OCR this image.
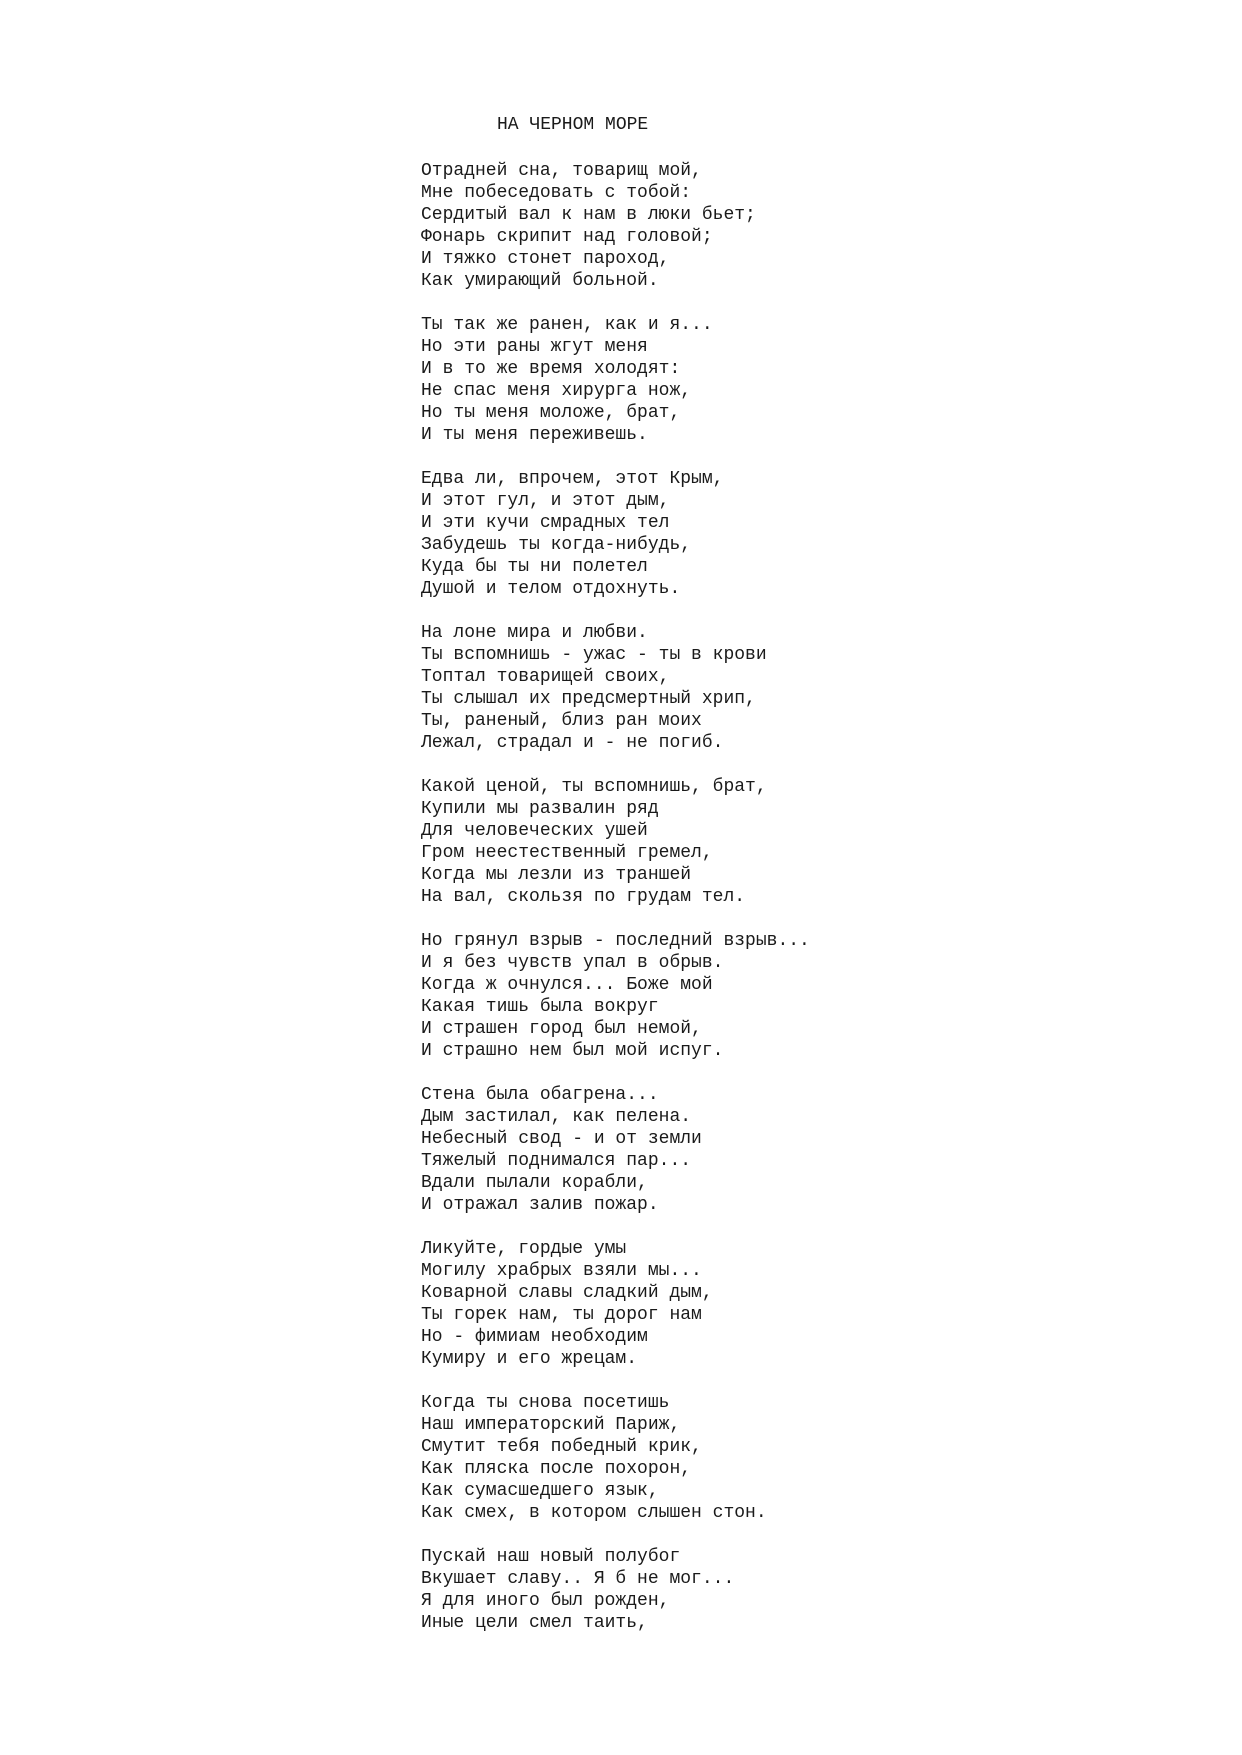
НА ЧЕРНОМ МОРЕ
Отрадней сна, товарищ мой,
Мне побеседовать с тобой:
Сердитый вал к нам в люки бьет;
Фонарь скрипит над головой;
И тяжко стонет пароход,
Как умирающий больной.
Ты так же ранен, как и я...
Но эти раны жгут меня
И в то же время холодят:
Не спас меня хирурга нож,
Но ты меня моложе, брат,
И ты меня переживешь.
Едва ли, впрочем, этот Крым,
И этот гул, и этот дым,
И эти кучи смрадных тел
Забудешь ты когда-нибудь,
Куда бы ты ни полетел
Душой и телом отдохнуть.
На лоне мира и любви.
Ты вспомнишь - ужас - ты в крови
Топтал товарищей своих,
Ты слышал их предсмертный хрип,
Ты, раненый, близ ран моих
Лежал, страдал и - не погиб.
Какой ценой, ты вспомнишь, брат,
Купили мы развалин ряд
Для человеческих ушей
Гром неестественный гремел,
Когда мы лезли из траншей
На вал, скользя по грудам тел.
Но грянул взрыв - последний взрыв...
И я без чувств упал в обрыв.
Когда ж очнулся... Боже мой
Какая тишь была вокруг
И страшен город был немой,
И страшно нем был мой испуг.
Стена была обагрена...
Дым застилал, как пелена.
Небесный свод - и от земли
Тяжелый поднимался пар...
Вдали пылали корабли,
И отражал залив пожар.
Ликуйте, гордые умы
Могилу храбрых взяли мы...
Коварной славы сладкий дым,
Ты горек нам, ты дорог нам
Но - фимиам необходим
Кумиру и его жрецам.
Когда ты снова посетишь
Наш императорский Париж,
Смутит тебя победный крик,
Как пляска после похорон,
Как сумасшедшего язык,
Как смех, в котором слышен стон.
Пускай наш новый полубог
Вкушает славу.. Я б не мог...
Я для иного был рожден,
Иные цели смел таить,
